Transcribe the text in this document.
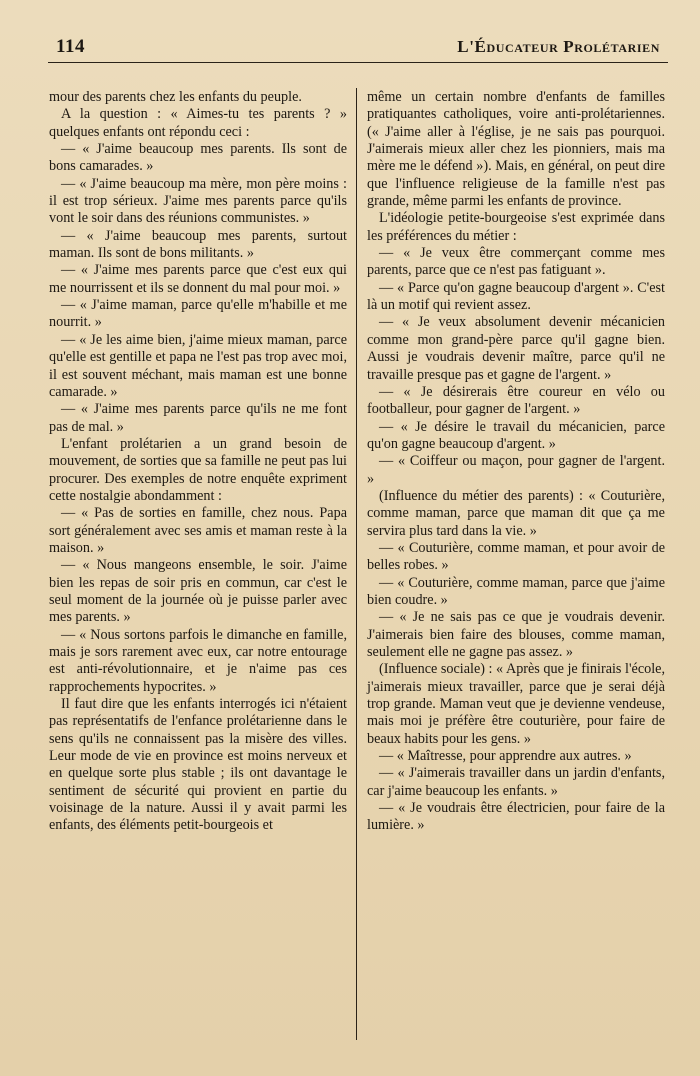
114	L'Éducateur Prolétarien

mour des parents chez les enfants du peuple.

A la question : « Aimes-tu tes parents ? » quelques enfants ont répondu ceci :

— « J'aime beaucoup mes parents. Ils sont de bons camarades. »

— « J'aime beaucoup ma mère, mon père moins : il est trop sérieux. J'aime mes parents parce qu'ils vont le soir dans des réunions communistes. »

— « J'aime beaucoup mes parents, surtout maman. Ils sont de bons militants. »

— « J'aime mes parents parce que c'est eux qui me nourrissent et ils se donnent du mal pour moi. »

— « J'aime maman, parce qu'elle m'habille et me nourrit. »

— « Je les aime bien, j'aime mieux maman, parce qu'elle est gentille et papa ne l'est pas trop avec moi, il est souvent méchant, mais maman est une bonne camarade. »

— « J'aime mes parents parce qu'ils ne me font pas de mal. »

L'enfant prolétarien a un grand besoin de mouvement, de sorties que sa famille ne peut pas lui procurer. Des exemples de notre enquête expriment cette nostalgie abondamment :

— « Pas de sorties en famille, chez nous. Papa sort généralement avec ses amis et maman reste à la maison. »

— « Nous mangeons ensemble, le soir. J'aime bien les repas de soir pris en commun, car c'est le seul moment de la journée où je puisse parler avec mes parents. »

— « Nous sortons parfois le dimanche en famille, mais je sors rarement avec eux, car notre entourage est anti-révolutionnaire, et je n'aime pas ces rapprochements hypocrites. »

Il faut dire que les enfants interrogés ici n'étaient pas représentatifs de l'enfance prolétarienne dans le sens qu'ils ne connaissent pas la misère des villes. Leur mode de vie en province est moins nerveux et en quelque sorte plus stable ; ils ont davantage le sentiment de sécurité qui provient en partie du voisinage de la nature. Aussi il y avait parmi les enfants, des éléments petit-bourgeois et

même un certain nombre d'enfants de familles pratiquantes catholiques, voire anti-prolétariennes. (« J'aime aller à l'église, je ne sais pas pourquoi. J'aimerais mieux aller chez les pionniers, mais ma mère me le défend »). Mais, en général, on peut dire que l'influence religieuse de la famille n'est pas grande, même parmi les enfants de province.

L'idéologie petite-bourgeoise s'est exprimée dans les préférences du métier :

— « Je veux être commerçant comme mes parents, parce que ce n'est pas fatiguant ».

— « Parce qu'on gagne beaucoup d'argent ». C'est là un motif qui revient assez.

— « Je veux absolument devenir mécanicien comme mon grand-père parce qu'il gagne bien. Aussi je voudrais devenir maître, parce qu'il ne travaille presque pas et gagne de l'argent. »

— « Je désirerais être coureur en vélo ou footballeur, pour gagner de l'argent. »

— « Je désire le travail du mécanicien, parce qu'on gagne beaucoup d'argent. »

— « Coiffeur ou maçon, pour gagner de l'argent. »

(Influence du métier des parents) : « Couturière, comme maman, parce que maman dit que ça me servira plus tard dans la vie. »

— « Couturière, comme maman, et pour avoir de belles robes. »

— « Couturière, comme maman, parce que j'aime bien coudre. »

— « Je ne sais pas ce que je voudrais devenir. J'aimerais bien faire des blouses, comme maman, seulement elle ne gagne pas assez. »

(Influence sociale) : « Après que je finirais l'école, j'aimerais mieux travailler, parce que je serai déjà trop grande. Maman veut que je devienne vendeuse, mais moi je préfère être couturière, pour faire de beaux habits pour les gens. »

— « Maîtresse, pour apprendre aux autres. »

— « J'aimerais travailler dans un jardin d'enfants, car j'aime beaucoup les enfants. »

— « Je voudrais être électricien, pour faire de la lumière. »
